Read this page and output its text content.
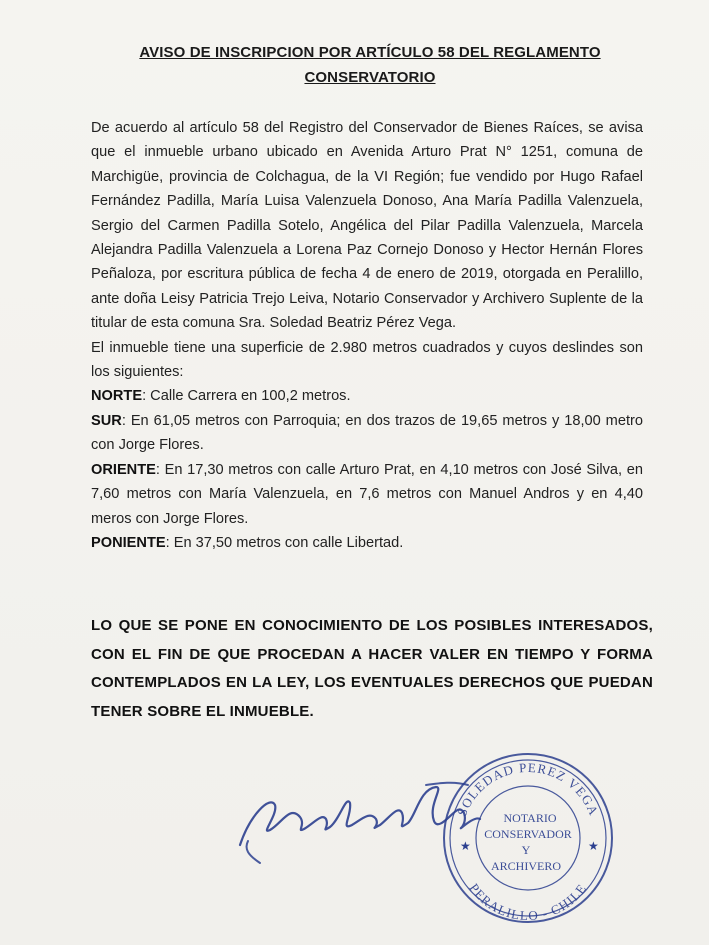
AVISO DE INSCRIPCION POR ARTÍCULO 58 DEL REGLAMENTO
CONSERVATORIO

De acuerdo al artículo 58 del Registro del Conservador de Bienes Raíces, se avisa que el inmueble urbano ubicado en Avenida Arturo Prat N° 1251, comuna de Marchigüe, provincia de Colchagua, de la VI Región; fue vendido por Hugo Rafael Fernández Padilla, María Luisa Valenzuela Donoso, Ana María Padilla Valenzuela, Sergio del Carmen Padilla Sotelo, Angélica del Pilar Padilla Valenzuela, Marcela Alejandra Padilla Valenzuela a Lorena Paz Cornejo Donoso y Hector Hernán Flores Peñaloza, por escritura pública de fecha 4 de enero de 2019, otorgada en Peralillo, ante doña Leisy Patricia Trejo Leiva, Notario Conservador y Archivero Suplente de la titular de esta comuna Sra. Soledad Beatriz Pérez Vega.

El inmueble tiene una superficie de 2.980 metros cuadrados y cuyos deslindes son los siguientes:

NORTE: Calle Carrera en 100,2 metros.

SUR: En 61,05 metros con Parroquia; en dos trazos de 19,65 metros y 18,00 metro con Jorge Flores.

ORIENTE: En 17,30 metros con calle Arturo Prat, en 4,10 metros con José Silva, en 7,60 metros con María Valenzuela, en 7,6 metros con Manuel Andros y en 4,40 meros con Jorge Flores.

PONIENTE: En 37,50 metros con calle Libertad.

LO QUE SE PONE EN CONOCIMIENTO DE LOS POSIBLES INTERESADOS, CON EL FIN DE QUE PROCEDAN A HACER VALER EN TIEMPO Y FORMA CONTEMPLADOS EN LA LEY, LOS EVENTUALES DERECHOS QUE PUEDAN TENER SOBRE EL INMUEBLE.
SOLEDAD PEREZ VEGA
PERALILLO - CHILE
★	★
NOTARIO
CONSERVADOR
Y
ARCHIVERO
